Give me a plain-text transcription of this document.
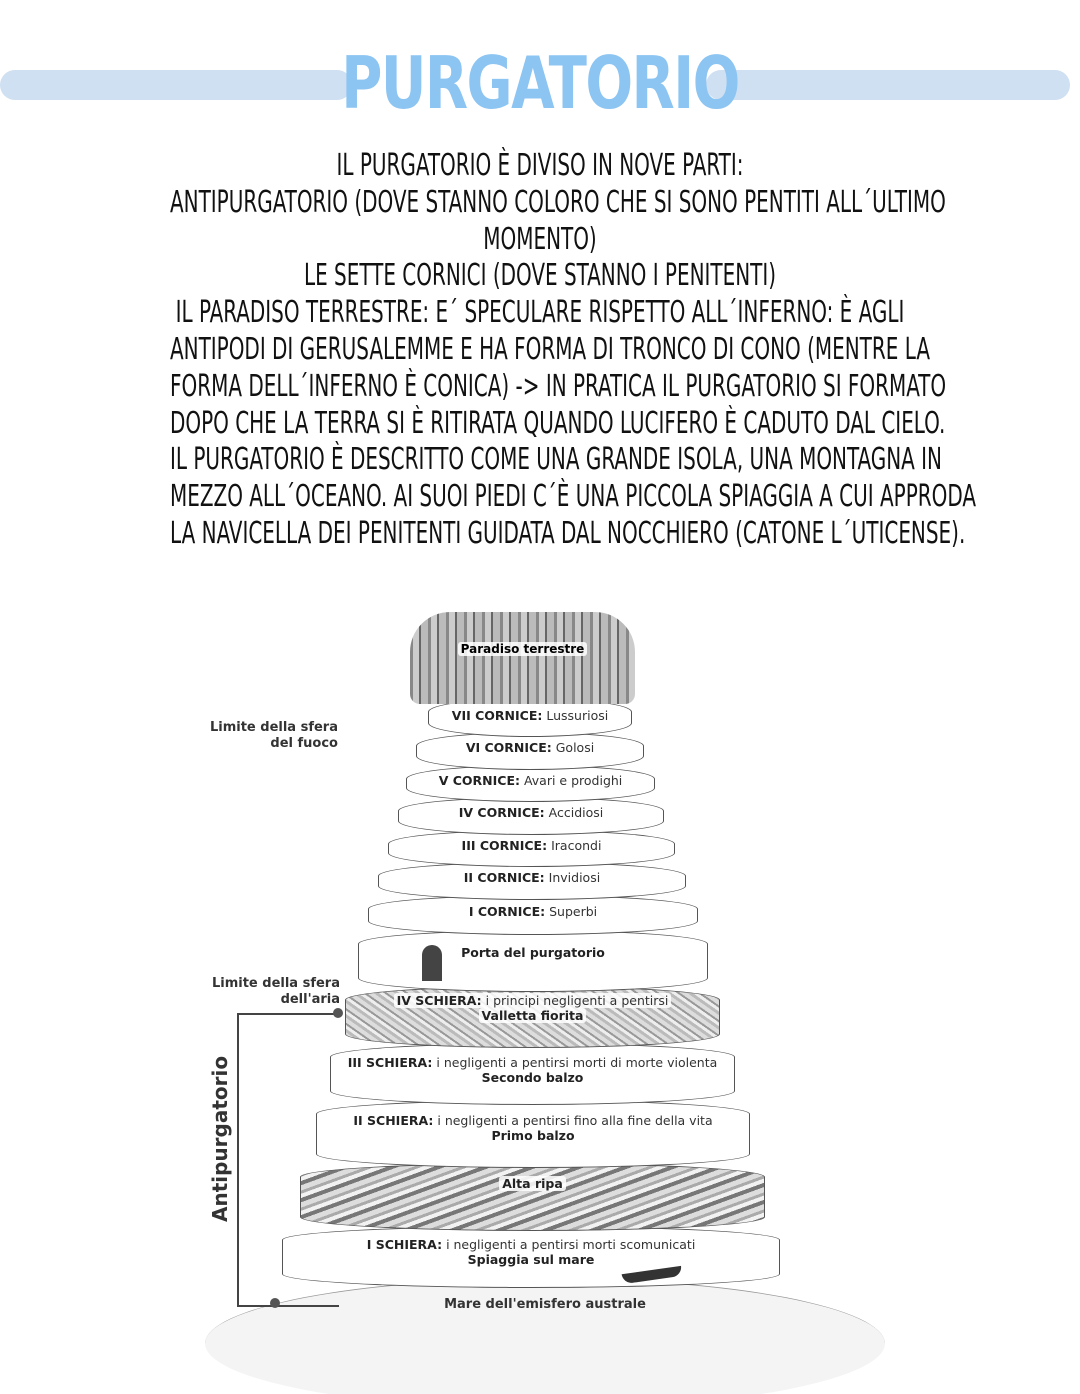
PURGATORIO
IL PURGATORIO È DIVISO IN NOVE PARTI:
ANTIPURGATORIO (DOVE STANNO COLORO CHE SI SONO PENTITI ALL´ULTIMO
MOMENTO)
LE SETTE CORNICI (DOVE STANNO I PENITENTI)
IL PARADISO TERRESTRE: E´ SPECULARE RISPETTO ALL´INFERNO: È AGLI
ANTIPODI DI GERUSALEMME E HA FORMA DI TRONCO DI CONO (MENTRE LA
FORMA DELL´INFERNO È CONICA) -> IN PRATICA IL PURGATORIO SI FORMATO
DOPO CHE LA TERRA SI È RITIRATA QUANDO LUCIFERO È CADUTO DAL CIELO.
IL PURGATORIO È DESCRITTO COME UNA GRANDE ISOLA, UNA MONTAGNA IN
MEZZO ALL´OCEANO. AI SUOI PIEDI C´È UNA PICCOLA SPIAGGIA A CUI APPRODA
LA NAVICELLA DEI PENITENTI GUIDATA DAL NOCCHIERO (CATONE L´UTICENSE).
Mare dell'emisfero australe
I SCHIERA: i negligenti a pentirsi morti scomunicati
Spiaggia sul mare
Alta ripa
II SCHIERA: i negligenti a pentirsi fino alla fine della vita
Primo balzo
III SCHIERA: i negligenti a pentirsi morti di morte violenta
Secondo balzo
IV SCHIERA: i principi negligenti a pentirsi
Valletta fiorita
Porta del purgatorio
I CORNICE: Superbi
II CORNICE: Invidiosi
III CORNICE: Iracondi
IV CORNICE: Accidiosi
V CORNICE: Avari e prodighi
VI CORNICE: Golosi
VII CORNICE: Lussuriosi
Paradiso terrestre
Limite della sfera del fuoco
Limite della sfera dell'aria
Antipurgatorio
